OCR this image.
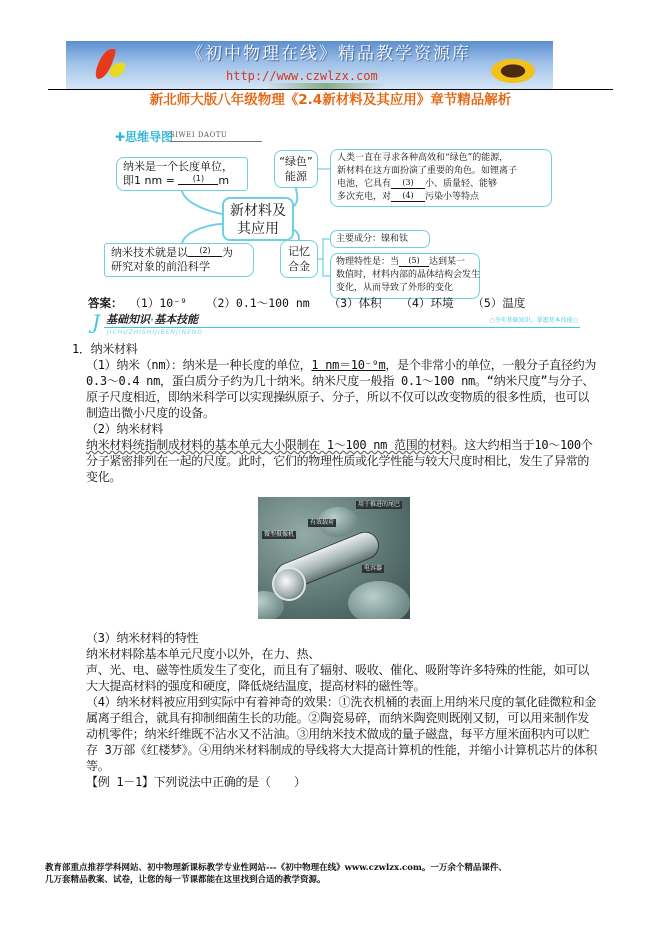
《初中物理在线》精品教学资源库
http://www.czwlzx.com
新北师大版八年级物理《2.4新材料及其应用》章节精品解析
✚思维导图
SIWEI DAOTU
纳米是一个长度单位，
即1 nm = (1) m
纳米技术就是以 (2) 为
研究对象的前沿科学
新材料及
其应用
“绿色”
能源
记忆
合金
人类一直在寻求各种高效和“绿色”的能源，
新材料在这方面扮演了重要的角色。如锂离子
电池，它具有 (3) 小、质量轻、能够
多次充电，对 (4) 污染小等特点
主要成分：镍和钛
物理特性是：当 (5) 达到某一
数值时，材料内部的晶体结构会发生
变化，从而导致了外形的变化
答案： （1）10⁻⁹ （2）0.1～100 nm （3）体积 （4）环境 （5）温度
J 基础知识·基本技能
JICHUZHISHIJIBENJINENG
○夯实基础知识，掌握基本技能○

1．纳米材料

（1）纳米（nm）：纳米是一种长度的单位，1 nm＝10⁻⁹m，是个非常小的单位，一般分子直径约为 0.3～0.4 nm，蛋白质分子约为几十纳米。纳米尺度一般指 0.1～100 nm。“纳米尺度”与分子、原子尺度相近，即纳米科学可以实现操纵原子、分子，所以不仅可以改变物质的很多性质，也可以制造出微小尺度的设备。

（2）纳米材料

纳米材料统指制成材料的基本单元大小限制在 1～100 nm 范围的材料。这大约相当于10～100个分子紧密排列在一起的尺度。此时，它们的物理性质或化学性能与较大尺度时相比，发生了异常的变化。

微型摄像机
有效载荷
用于推进的尾巴
电容器

（3）纳米材料的特性

纳米材料除基本单元尺度小以外，在力、热、

声、光、电、磁等性质发生了变化，而且有了辐射、吸收、催化、吸附等许多特殊的性能，如可以大大提高材料的强度和硬度，降低烧结温度，提高材料的磁性等。

（4）纳米材料被应用到实际中有着神奇的效果：①洗衣机桶的表面上用纳米尺度的氧化硅微粒和金属离子组合，就具有抑制细菌生长的功能。②陶瓷易碎，而纳米陶瓷则既刚又韧，可以用来制作发动机零件；纳米纤维既不沾水又不沾油。③用纳米技术做成的量子磁盘，每平方厘米面积内可以贮存 3万部《红楼梦》。④用纳米材料制成的导线将大大提高计算机的性能，并缩小计算机芯片的体积等。

【例 1－1】下列说法中正确的是（　　）

教育部重点推荐学科网站、初中物理新课标教学专业性网站---《初中物理在线》www.czwlzx.com。一万余个精品课件、
几万套精品教案、试卷，让您的每一节课都能在这里找到合适的教学资源。
